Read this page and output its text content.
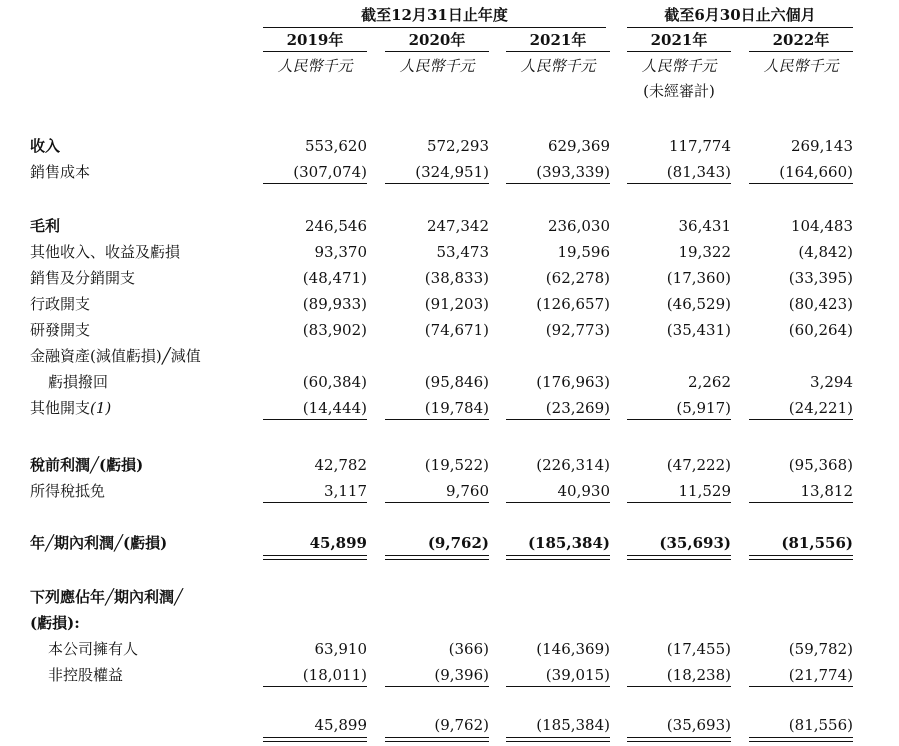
截至12月31日止年度	截至6月30日止六個月
2019年	2020年	2021年	2021年	2022年
人民幣千元	人民幣千元	人民幣千元	人民幣千元	人民幣千元
(未經審計)
收入	553,620	572,293	629,369	117,774	269,143
銷售成本	(307,074)	(324,951)	(393,339)	(81,343)	(164,660)
毛利	246,546	247,342	236,030	36,431	104,483
其他收入、收益及虧損	93,370	53,473	19,596	19,322	(4,842)
銷售及分銷開支	(48,471)	(38,833)	(62,278)	(17,360)	(33,395)
行政開支	(89,933)	(91,203)	(126,657)	(46,529)	(80,423)
研發開支	(83,902)	(74,671)	(92,773)	(35,431)	(60,264)
金融資產(減值虧損)╱減值
虧損撥回	(60,384)	(95,846)	(176,963)	2,262	3,294
其他開支(1)	(14,444)	(19,784)	(23,269)	(5,917)	(24,221)
稅前利潤╱(虧損)	42,782	(19,522)	(226,314)	(47,222)	(95,368)
所得稅抵免	3,117	9,760	40,930	11,529	13,812
年╱期內利潤╱(虧損)	45,899	(9,762)	(185,384)	(35,693)	(81,556)
下列應佔年╱期內利潤╱
(虧損):
本公司擁有人	63,910	(366)	(146,369)	(17,455)	(59,782)
非控股權益	(18,011)	(9,396)	(39,015)	(18,238)	(21,774)
45,899	(9,762)	(185,384)	(35,693)	(81,556)
